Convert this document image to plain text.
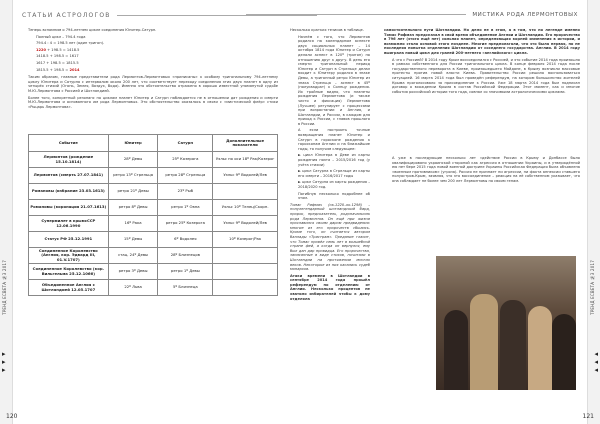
ТРЕНД ЕСВЕТА №3 2017	ТРЕНД ЕСВЕТА №3 2017
▸
▸
▸
◂
◂
◂
СТАТЬИ АСТРОЛОГОВ	МИСТИКА РОДА ЛЕРМОНТОВЫХ

Теперь вспомним о 794-летнем цикле соединения Юпитер-Сатурн.

Полный цикл – 794.4 года

794.4 : 4 = 198.5 лет (один тригон).

1220 + 198.5 = 1418.5

1418.5 + 198.5 = 1617

1617 + 198.5 = 1815.5

1815.5 + 198.5 = 2014

Таким образом, главные представители рода Лермонтов-Лермонтовых «приписаны» к особому тригональному 794-летнему циклу Юпитера и Сатурна с интервалом около 200 лет, что соответствует переходу соединения этих двух планет в одну из четырёх стихий (Огонь, Земля, Воздух, Вода). Именно это обстоятельство отражено в хорошо известной упомянутой судьбе М.Ю.Лермонтова с Россией и Шотландией.

Более того, конкретный резонанс по циклам планет Юпитер и Сатурн наблюдается не в отношении дат рождения и смерти М.Ю.Лермонтова и основанного им рода Лермонтовых. Это обстоятельство оказалось в связи с «мистический флёр» стихи «Рыцарь Лермонтова».

Событие	Юпитер	Сатурн	Дополнительные показатели
Лермонтов (рождение 15.10.1814)	28º Девы	25º Козерога	Уэльс по оси 18º Рак/Козерог
Лермонтов (смерть 27.07.1841)	ретро 13º Стрельца	ретро 28º Стрельца	Уэльс 9º Водолей/Лев
Романовы (избрание 23.03.1613)	ретро 21º Девы	23º Рыб	
Романовы (коронация 21.07.1613)	ретро 8º Девы	ретро 1º Овна	Уэльс 10º Телец/Скорп.
Супермилет в крымсССР 12.06.1990	16º Рака	ретро 25º Козерога	Уэльс 9º Водолей/Лев
Статус РФ 25.12.1991	15º Девы	6º Водолея	10º Козерог/Рак
Соединенное Королевство (Англия, кор. Эдвард III, 01.V.1707)	стац. 24º Девы	28º Близнецов	
Соединенное Королевство (кор. Вильгельма 25.12.1066)	ретро 3º Девы	ретро 1º Девы	
Объединенное Англия с Шотландией 12.05.1707	22º Льва	5º Близнеца	

Несколько кратких тезисов в таблице.

Начнём с того, что Лермонтов родился на календарном аспекте двух социальных планет – 14 октября 1814 года Юпитер и Сатурн делали аспект в 120º (тригон) по отношению друг к другу. В день его смерти тригональный период Юпитер и Сатурн в Стрельце делал входит к Юпитеру родился в знаке Девы, а тригонный ретро Юпитер из знака Стрельца – аспект в 45º (полуквадрат) к Солнцу рождения. Их тройные видно, что планеты рождения Лермонтова (и также чисто и фиксация) Лермонтова (Лучшее) регулирует с процессами при возрастании и Англия, и Шотландии, и России, в каждом для приход к России, с главов прошлого в России.

А если построить точные возвращения планет Юпитер и Сатурн в гороскопе рождения к гороскопам Англии и на ближайшие годы, то получим следующее:

► цикл Юпитера в Деве из карты рождения поэта – 2015/2016 год (у учёта стихии)

► цикл Сатурна в Стрельце из карты его смерти – 2016/2017 годы

► цикл Сатурна из карты рождения – 2018/2020 год.

Погибнув несколько подробнее об этом.

Томас Рифмач (ок.1220–ок.1298) – полулегендарный шотландский бард, пророк, предсказатель, родоначальник рода Лермонтов. Он ещё при жизни прославился своим даром предвидения: многие из его пророчеств сбылись. Кроме того, он считается автором баллады «Тристрам». Предание гласит, что Томас провёл семь лет в волшебной стране фей, а когда он вернулся, ему был дан дар провидца. Его пророчества, записанные в виде стихов, почитали в Шотландии на протяжении многих веков. Некоторые из них касались судеб монархов.

Атаки времени в Шотландии в сентябре 2014 года прошёл референдум по отделению от Англии. Несколько процентов не хватило избирателей чтобы к дому отделяла

самостоятельного пути Шотландии. Но дело не в этом, а в том, что по легенде именно Томас Рифмач предсказал в свой время объединение Англии и Шотландии. Его пророчество в 796 лет (этого ещё нет) сильная планет, определяющая корней изменения в истории, и возможно стало основой этого позднее. Многие предполагали, что это была первая, но не последняя попытка отделения Шотландии от соседнего государства. Англии. В 2014 году выиграла новый цикл для граней 200-летнего «английского» цикла.

А что с Россией? В 2014 году Крым воссоединился с Россией, и это событие 2014 года произошло в рамках собственного для России тригонального цикла. В конце февраля 2014 года после государственного переворота в Киеве, произошедшего Майдане, в Крыму возникли массовые протесты против новой власти Киева. Правительство России решило воспользоваться ситуацией. 16 марта 2014 года был проведён референдум, на котором большинство жителей Крыма проголосовало за присоединение к России. Уже 18 марта 2014 года был подписан договор о вхождении Крыма в состав Российской Федерации. Этот момент, как и многие события российской истории того года, совпал со значимыми астрологическими циклами.

А уже в последующие несколько лет «действие России в Крыму и Донбассе было квалифицировано украинской стороной как агрессия в отношении Украины, и в утверждённой ею нет бере 2015 года новой военной доктрине Украины Российская Федерация была объявлена «военным противником» (угроза). Россия не признает ни агрессии, ни факта аннексии ставшего полуостров-Крым, заявляя, что это воссоединение – реакция на её собственном указывает, что она соблюдает не более чем 200 лет Лермонтовы по своим генам.

120	121
